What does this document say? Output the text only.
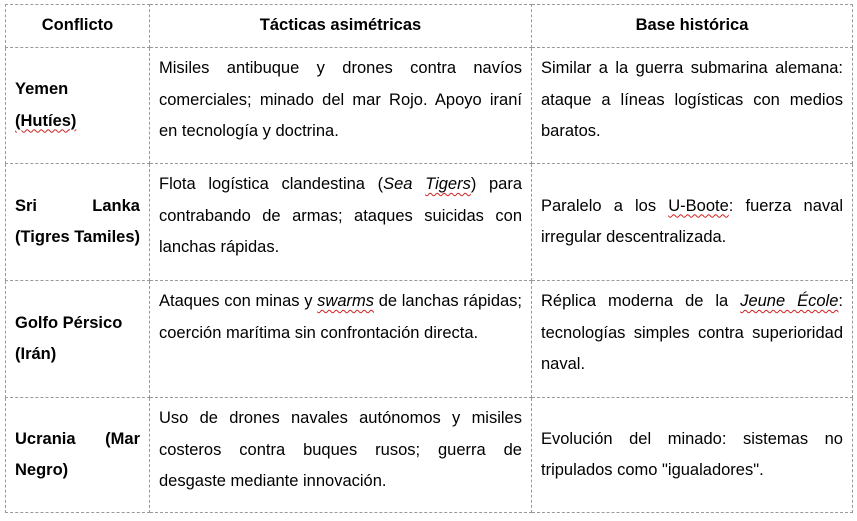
Conflicto	Tácticas asimétricas	Base histórica
Yemen
(Hutíes)	Misiles antibuque y drones contra navíos comerciales; minado del mar Rojo. Apoyo iraní en tecnología y doctrina.	Similar a la guerra submarina alemana: ataque a líneas logísticas con medios baratos.

Sri Lanka
(Tigres Tamiles)	Flota logística clandestina (Sea Tigers) para contrabando de armas; ataques suicidas con lanchas rápidas.	Paralelo a los U-Boote: fuerza naval irregular descentralizada.
Golfo Pérsico
(Irán)	Ataques con minas y swarms de lanchas rápidas; coerción marítima sin confrontación directa.	Réplica moderna de la Jeune École: tecnologías simples contra superioridad naval.

Ucrania (Mar
Negro)	Uso de drones navales autónomos y misiles costeros contra buques rusos; guerra de desgaste mediante innovación.	Evolución del minado: sistemas no tripulados como "igualadores".
